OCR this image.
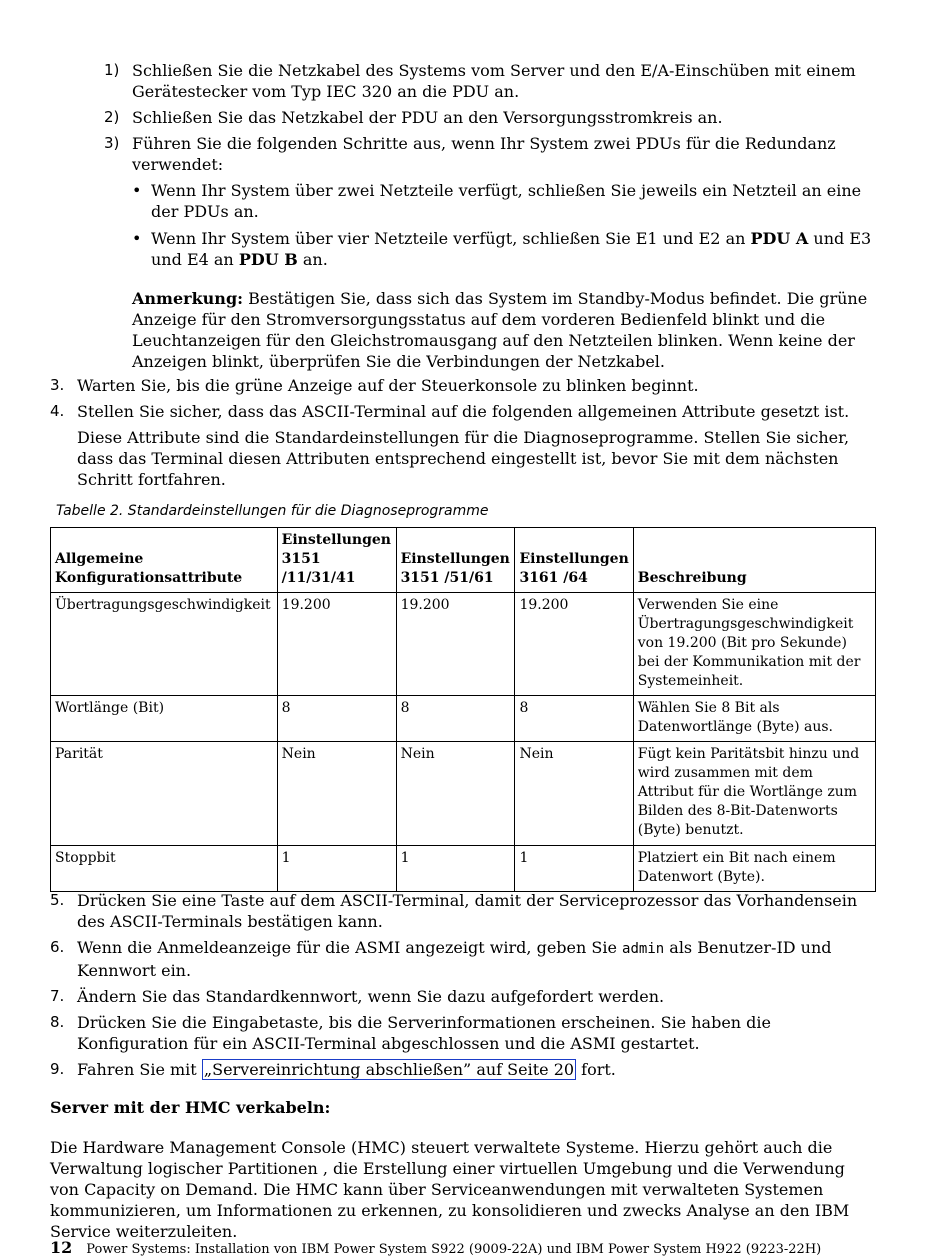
1) Schließen Sie die Netzkabel des Systems vom Server und den E/A-Einschüben mit einem Gerätestecker vom Typ IEC 320 an die PDU an.
2) Schließen Sie das Netzkabel der PDU an den Versorgungsstromkreis an.
3) Führen Sie die folgenden Schritte aus, wenn Ihr System zwei PDUs für die Redundanz verwendet:
• Wenn Ihr System über zwei Netzteile verfügt, schließen Sie jeweils ein Netzteil an eine der PDUs an.
• Wenn Ihr System über vier Netzteile verfügt, schließen Sie E1 und E2 an PDU A und E3 und E4 an PDU B an.
Anmerkung: Bestätigen Sie, dass sich das System im Standby-Modus befindet. Die grüne Anzeige für den Stromversorgungsstatus auf dem vorderen Bedienfeld blinkt und die Leuchtanzeigen für den Gleichstromausgang auf den Netzteilen blinken. Wenn keine der Anzeigen blinkt, überprüfen Sie die Verbindungen der Netzkabel.
3. Warten Sie, bis die grüne Anzeige auf der Steuerkonsole zu blinken beginnt.

4. Stellen Sie sicher, dass das ASCII-Terminal auf die folgenden allgemeinen Attribute gesetzt ist.

Diese Attribute sind die Standardeinstellungen für die Diagnoseprogramme. Stellen Sie sicher, dass das Terminal diesen Attributen entsprechend eingestellt ist, bevor Sie mit dem nächsten Schritt fortfahren.

Tabelle 2. Standardeinstellungen für die Diagnoseprogramme
Allgemeine Konfigurationsattribute	Einstellungen 3151 /11/31/41	Einstellungen 3151 /51/61	Einstellungen 3161 /64	Beschreibung
Übertragungsgeschwindigkeit	19.200	19.200	19.200	Verwenden Sie eine Übertragungsgeschwindigkeit von 19.200 (Bit pro Sekunde) bei der Kommunikation mit der Systemeinheit.
Wortlänge (Bit)	8	8	8	Wählen Sie 8 Bit als Datenwortlänge (Byte) aus.
Parität	Nein	Nein	Nein	Fügt kein Paritätsbit hinzu und wird zusammen mit dem Attribut für die Wortlänge zum Bilden des 8-Bit-Datenworts (Byte) benutzt.
Stoppbit	1	1	1	Platziert ein Bit nach einem Datenwort (Byte).
5. Drücken Sie eine Taste auf dem ASCII-Terminal, damit der Serviceprozessor das Vorhandensein des ASCII-Terminals bestätigen kann.

6. Wenn die Anmeldeanzeige für die ASMI angezeigt wird, geben Sie admin als Benutzer-ID und Kennwort ein.

7. Ändern Sie das Standardkennwort, wenn Sie dazu aufgefordert werden.

8. Drücken Sie die Eingabetaste, bis die Serverinformationen erscheinen. Sie haben die Konfiguration für ein ASCII-Terminal abgeschlossen und die ASMI gestartet.

9. Fahren Sie mit „Servereinrichtung abschließen” auf Seite 20 fort.

Server mit der HMC verkabeln:
Die Hardware Management Console (HMC) steuert verwaltete Systeme. Hierzu gehört auch die Verwaltung logischer Partitionen , die Erstellung einer virtuellen Umgebung und die Verwendung von Capacity on Demand. Die HMC kann über Serviceanwendungen mit verwalteten Systemen kommunizieren, um Informationen zu erkennen, zu konsolidieren und zwecks Analyse an den IBM Service weiterzuleiten.
12 Power Systems: Installation von IBM Power System S922 (9009-22A) und IBM Power System H922 (9223-22H)
